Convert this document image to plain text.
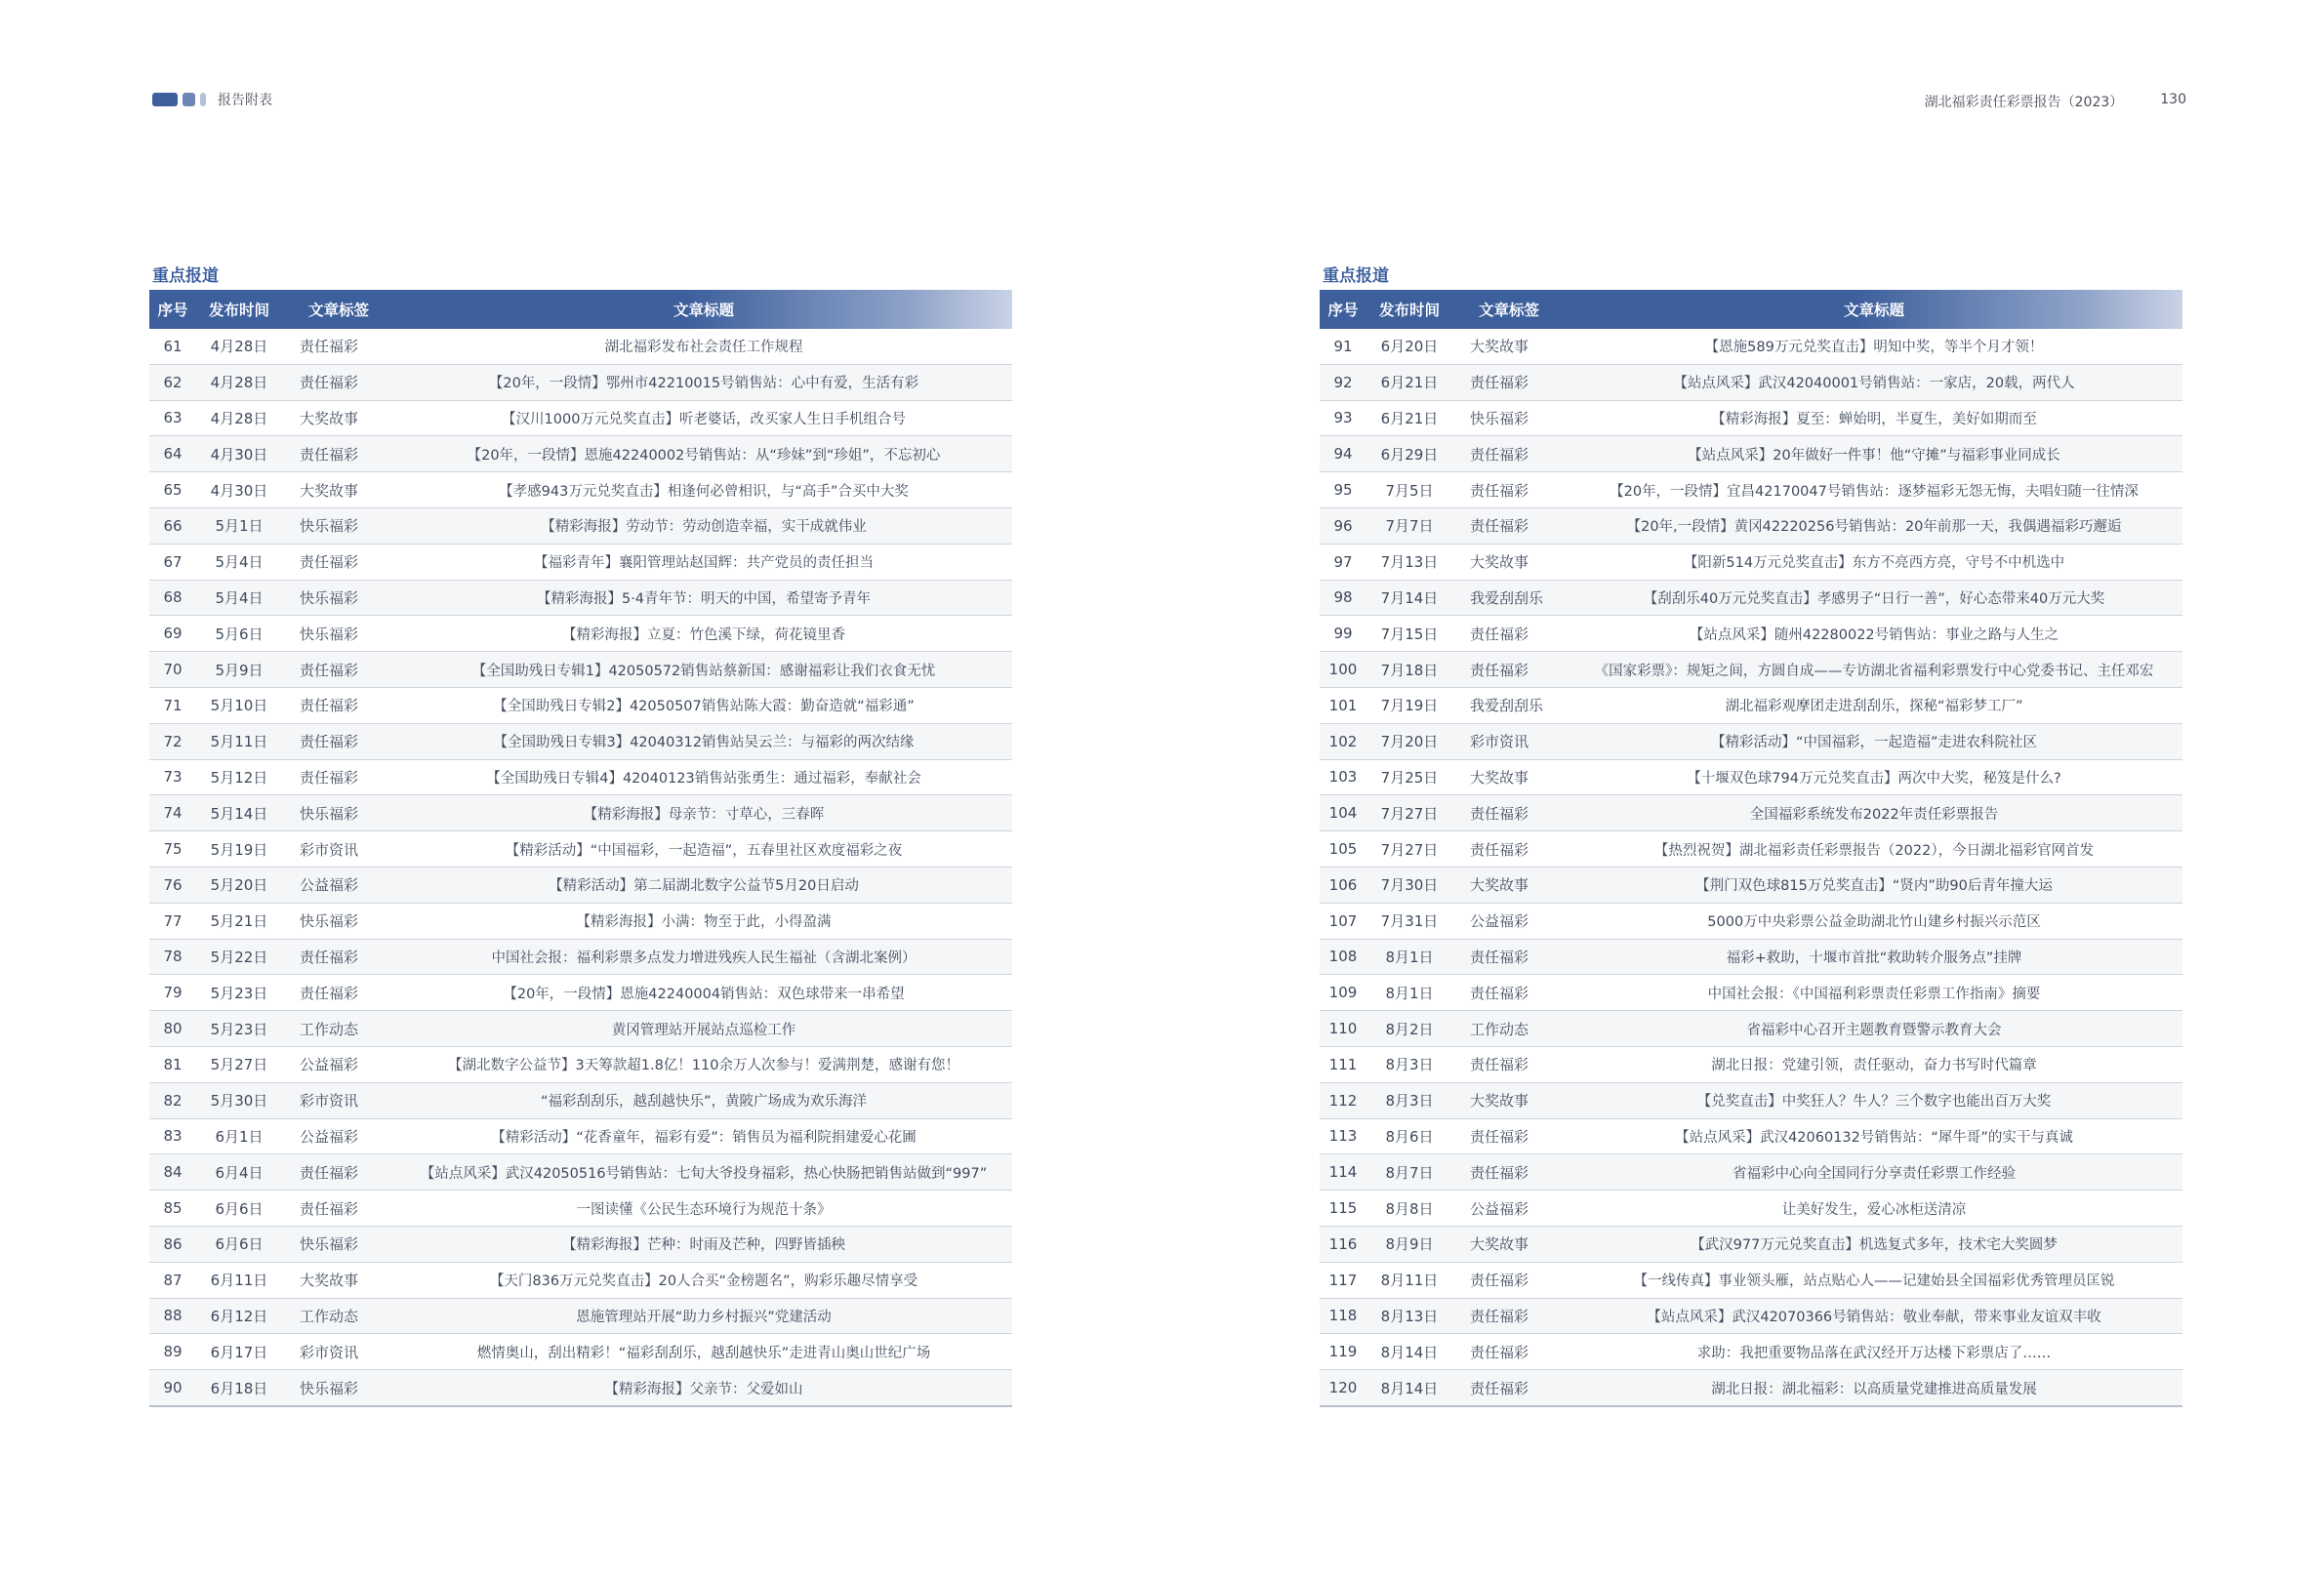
报告附表	湖北福彩责任彩票报告（2023）	130
重点报道
序号	发布时间	文章标签	文章标题
61	4月28日	责任福彩	湖北福彩发布社会责任工作规程
62	4月28日	责任福彩	【20年，一段情】鄂州市42210015号销售站：心中有爱，生活有彩
63	4月28日	大奖故事	【汉川1000万元兑奖直击】听老婆话，改买家人生日手机组合号
64	4月30日	责任福彩	【20年，一段情】恩施42240002号销售站：从“珍妹”到“珍姐”，不忘初心
65	4月30日	大奖故事	【孝感943万元兑奖直击】相逢何必曾相识，与“高手”合买中大奖
66	5月1日	快乐福彩	【精彩海报】劳动节：劳动创造幸福，实干成就伟业
67	5月4日	责任福彩	【福彩青年】襄阳管理站赵国辉：共产党员的责任担当
68	5月4日	快乐福彩	【精彩海报】5·4青年节：明天的中国，希望寄予青年
69	5月6日	快乐福彩	【精彩海报】立夏：竹色溪下绿，荷花镜里香
70	5月9日	责任福彩	【全国助残日专辑1】42050572销售站蔡新国：感谢福彩让我们衣食无忧
71	5月10日	责任福彩	【全国助残日专辑2】42050507销售站陈大霞：勤奋造就“福彩通”
72	5月11日	责任福彩	【全国助残日专辑3】42040312销售站吴云兰：与福彩的两次结缘
73	5月12日	责任福彩	【全国助残日专辑4】42040123销售站张勇生：通过福彩，奉献社会
74	5月14日	快乐福彩	【精彩海报】母亲节：寸草心，三春晖
75	5月19日	彩市资讯	【精彩活动】“中国福彩，一起造福”，五春里社区欢度福彩之夜
76	5月20日	公益福彩	【精彩活动】第二届湖北数字公益节5月20日启动
77	5月21日	快乐福彩	【精彩海报】小满：物至于此，小得盈满
78	5月22日	责任福彩	中国社会报：福利彩票多点发力增进残疾人民生福祉（含湖北案例）
79	5月23日	责任福彩	【20年，一段情】恩施42240004销售站：双色球带来一串希望
80	5月23日	工作动态	黄冈管理站开展站点巡检工作
81	5月27日	公益福彩	【湖北数字公益节】3天筹款超1.8亿！110余万人次参与！爱满荆楚，感谢有您！
82	5月30日	彩市资讯	“福彩刮刮乐，越刮越快乐”，黄陂广场成为欢乐海洋
83	6月1日	公益福彩	【精彩活动】“花香童年，福彩有爱”：销售员为福利院捐建爱心花圃
84	6月4日	责任福彩	【站点风采】武汉42050516号销售站：七旬大爷投身福彩，热心快肠把销售站做到“997”
85	6月6日	责任福彩	一图读懂《公民生态环境行为规范十条》
86	6月6日	快乐福彩	【精彩海报】芒种：时雨及芒种，四野皆插秧
87	6月11日	大奖故事	【天门836万元兑奖直击】20人合买“金榜题名”，购彩乐趣尽情享受
88	6月12日	工作动态	恩施管理站开展“助力乡村振兴”党建活动
89	6月17日	彩市资讯	燃情奥山，刮出精彩！“福彩刮刮乐，越刮越快乐”走进青山奥山世纪广场
90	6月18日	快乐福彩	【精彩海报】父亲节：父爱如山
重点报道
序号	发布时间	文章标签	文章标题
91	6月20日	大奖故事	【恩施589万元兑奖直击】明知中奖，等半个月才领！
92	6月21日	责任福彩	【站点风采】武汉42040001号销售站：一家店，20载，两代人
93	6月21日	快乐福彩	【精彩海报】夏至：蝉始明，半夏生，美好如期而至
94	6月29日	责任福彩	【站点风采】20年做好一件事！他“守摊”与福彩事业同成长
95	7月5日	责任福彩	【20年，一段情】宜昌42170047号销售站：逐梦福彩无怨无悔，夫唱妇随一往情深
96	7月7日	责任福彩	【20年,一段情】黄冈42220256号销售站：20年前那一天，我偶遇福彩巧邂逅
97	7月13日	大奖故事	【阳新514万元兑奖直击】东方不亮西方亮，守号不中机选中
98	7月14日	我爱刮刮乐	【刮刮乐40万元兑奖直击】孝感男子“日行一善”，好心态带来40万元大奖
99	7月15日	责任福彩	【站点风采】随州42280022号销售站：事业之路与人生之
100	7月18日	责任福彩	《国家彩票》：规矩之间，方圆自成——专访湖北省福利彩票发行中心党委书记、主任邓宏
101	7月19日	我爱刮刮乐	湖北福彩观摩团走进刮刮乐，探秘“福彩梦工厂”
102	7月20日	彩市资讯	【精彩活动】“中国福彩，一起造福”走进农科院社区
103	7月25日	大奖故事	【十堰双色球794万元兑奖直击】两次中大奖，秘笈是什么?
104	7月27日	责任福彩	全国福彩系统发布2022年责任彩票报告
105	7月27日	责任福彩	【热烈祝贺】湖北福彩责任彩票报告（2022），今日湖北福彩官网首发
106	7月30日	大奖故事	【荆门双色球815万兑奖直击】“贤内”助90后青年撞大运
107	7月31日	公益福彩	5000万中央彩票公益金助湖北竹山建乡村振兴示范区
108	8月1日	责任福彩	福彩+救助，十堰市首批“救助转介服务点”挂牌
109	8月1日	责任福彩	中国社会报：《中国福利彩票责任彩票工作指南》摘要
110	8月2日	工作动态	省福彩中心召开主题教育暨警示教育大会
111	8月3日	责任福彩	湖北日报：党建引领，责任驱动，奋力书写时代篇章
112	8月3日	大奖故事	【兑奖直击】中奖狂人？牛人？三个数字也能出百万大奖
113	8月6日	责任福彩	【站点风采】武汉42060132号销售站：“犀牛哥”的实干与真诚
114	8月7日	责任福彩	省福彩中心向全国同行分享责任彩票工作经验
115	8月8日	公益福彩	让美好发生，爱心冰柜送清凉
116	8月9日	大奖故事	【武汉977万元兑奖直击】机选复式多年，技术宅大奖圆梦
117	8月11日	责任福彩	【一线传真】事业领头雁，站点贴心人——记建始县全国福彩优秀管理员匡锐
118	8月13日	责任福彩	【站点风采】武汉42070366号销售站：敬业奉献，带来事业友谊双丰收
119	8月14日	责任福彩	求助：我把重要物品落在武汉经开万达楼下彩票店了……
120	8月14日	责任福彩	湖北日报：湖北福彩：以高质量党建推进高质量发展
